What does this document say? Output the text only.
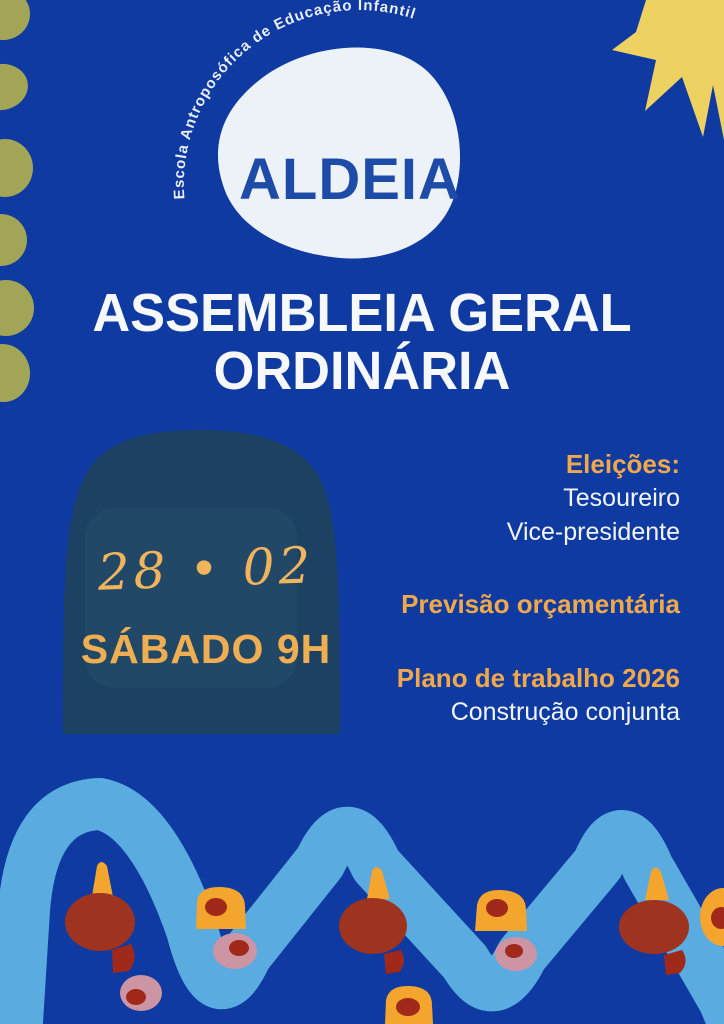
Escola Antroposófica de Educação Infantil
ALDEIA
ASSEMBLEIA GERAL
ORDINÁRIA
28 • 02
SÁBADO 9H
Eleições:
Tesoureiro
Vice-presidente
Previsão orçamentária
Plano de trabalho 2026
Construção conjunta
